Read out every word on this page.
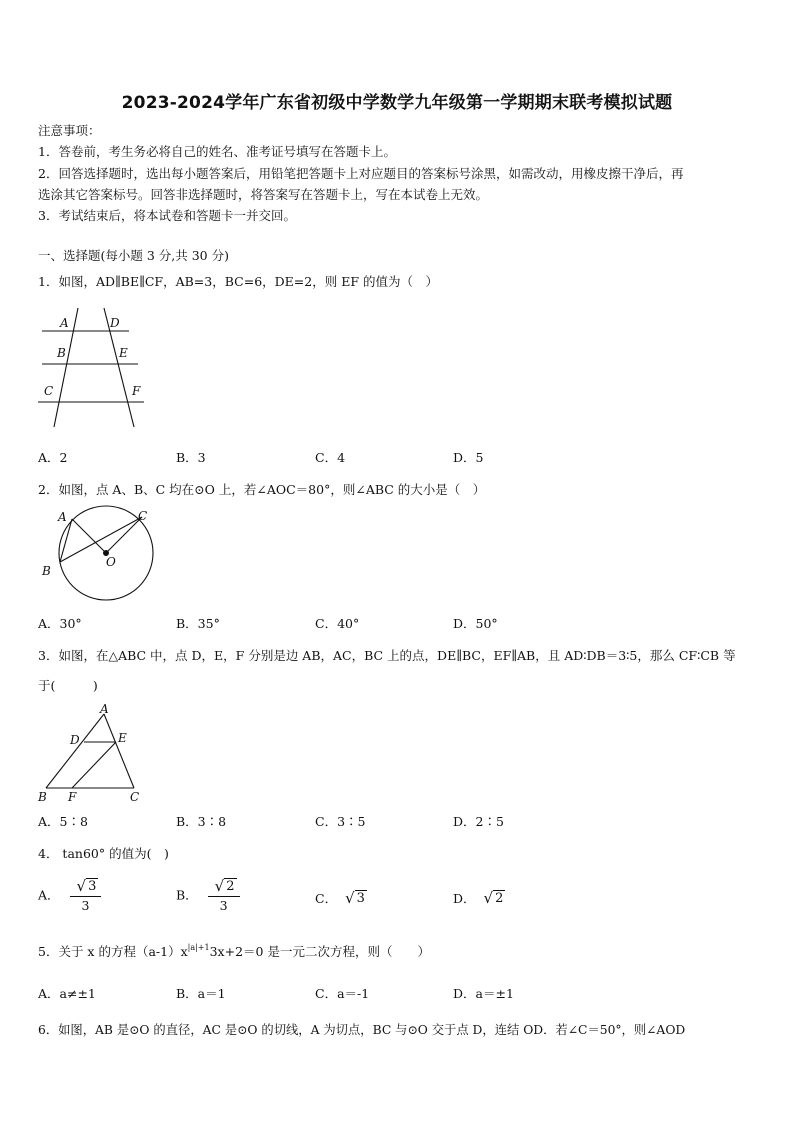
2023-2024学年广东省初级中学数学九年级第一学期期末联考模拟试题
注意事项：
1．答卷前，考生务必将自己的姓名、准考证号填写在答题卡上。
2．回答选择题时，选出每小题答案后，用铅笔把答题卡上对应题目的答案标号涂黑，如需改动，用橡皮擦干净后，再
选涂其它答案标号。回答非选择题时，将答案写在答题卡上，写在本试卷上无效。
3．考试结束后，将本试卷和答题卡一并交回。
一、选择题(每小题 3 分,共 30 分)
1．如图，AD∥BE∥CF，AB=3，BC=6，DE=2，则 EF 的值为（　）
A	D
B	E
C	F
A．2	B．3	C．4	D．5
2．如图，点 A、B、C 均在⊙O 上，若∠AOC＝80°，则∠ABC 的大小是（　）
A	C
O
B
A．30°	B．35°	C．40°	D．50°
3．如图，在△ABC 中，点 D，E，F 分别是边 AB，AC，BC 上的点，DE∥BC，EF∥AB，且 AD∶DB＝3∶5，那么 CF∶CB 等
于(　　　)
A
D	E
B F	C
A．5∶8	B．3∶8	C．3∶5	D．2∶5
4． tan60° 的值为(　)
A． $\frac{√ 3}{3}$	B． $\frac{√ 2}{3}$	C． √ 3	D． √ 2
5．关于 x 的方程$(a-1)x^{|a|+1}3x+2=0$ 是一元二次方程，则（　　）
A．a≠±1	B．a＝1	C．a＝-1	D．a＝±1
6．如图，AB 是⊙O 的直径，AC 是⊙O 的切线，A 为切点，BC 与⊙O 交于点 D，连结 OD．若∠C＝50°，则∠AOD
